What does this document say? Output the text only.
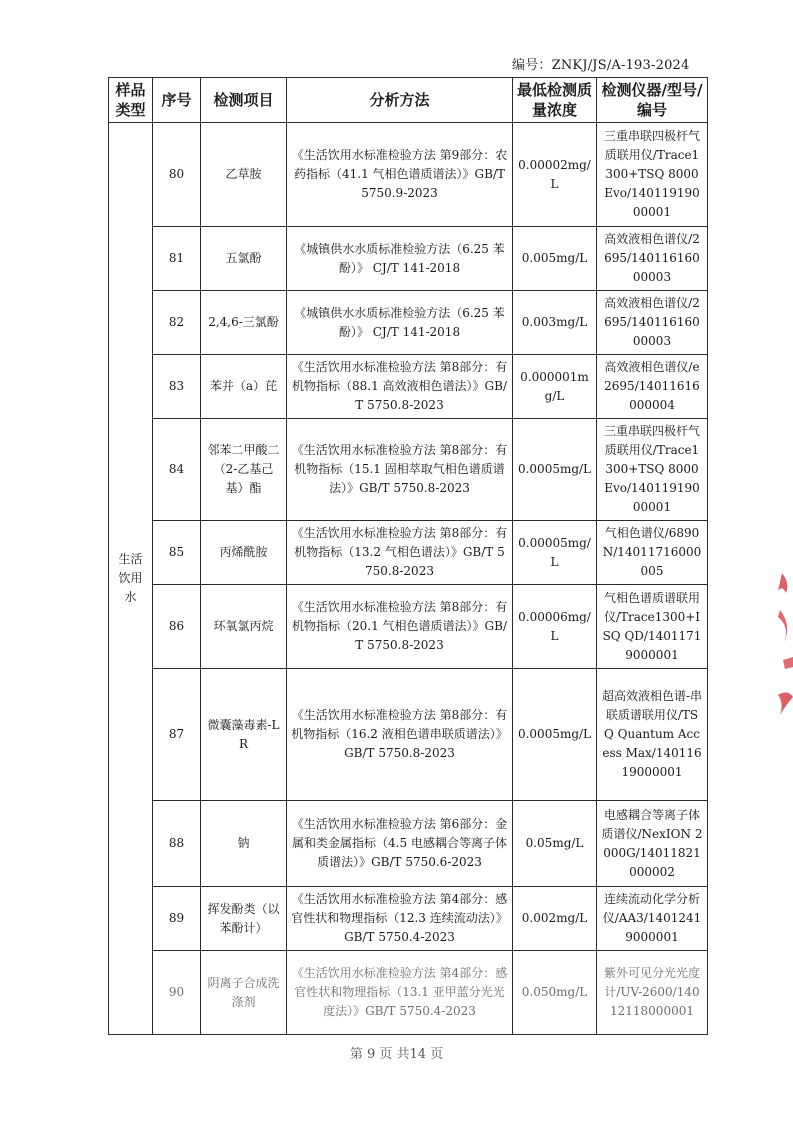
编号：ZNKJ/JS/A-193-2024
样品类型	序号	检测项目	分析方法	最低检测质量浓度	检测仪器/型号/编号
生活饮用水	80	乙草胺	《生活饮用水标准检验方法 第9部分：农药指标（41.1 气相色谱质谱法）》GB/T 5750.9-2023	0.00002mg/L	三重串联四极杆气质联用仪/Trace1300+TSQ 8000Evo/14011919000001
	81	五氯酚	《城镇供水水质标准检验方法（6.25 苯酚）》 CJ/T 141-2018	0.005mg/L	高效液相色谱仪/2695/14011616000003
	82	2,4,6-三氯酚	《城镇供水水质标准检验方法（6.25 苯酚）》 CJ/T 141-2018	0.003mg/L	高效液相色谱仪/2695/14011616000003
	83	苯并（a）芘	《生活饮用水标准检验方法 第8部分：有机物指标（88.1 高效液相色谱法）》GB/T 5750.8-2023	0.000001mg/L	高效液相色谱仪/e2695/14011616000004
	84	邻苯二甲酸二（2-乙基己基）酯	《生活饮用水标准检验方法 第8部分：有机物指标（15.1 固相萃取气相色谱质谱法）》GB/T 5750.8-2023	0.0005mg/L	三重串联四极杆气质联用仪/Trace1300+TSQ 8000Evo/14011919000001
	85	丙烯酰胺	《生活饮用水标准检验方法 第8部分：有机物指标（13.2 气相色谱法）》GB/T 5750.8-2023	0.00005mg/L	气相色谱仪/6890N/14011716000005
	86	环氧氯丙烷	《生活饮用水标准检验方法 第8部分：有机物指标（20.1 气相色谱质谱法）》GB/T 5750.8-2023	0.00006mg/L	气相色谱质谱联用仪/Trace1300+ISQ QD/14011719000001
	87	微囊藻毒素-LR	《生活饮用水标准检验方法 第8部分：有机物指标（16.2 液相色谱串联质谱法）》GB/T 5750.8-2023	0.0005mg/L	超高效液相色谱-串联质谱联用仪/TSQ Quantum Access Max/14011619000001
	88	钠	《生活饮用水标准检验方法 第6部分：金属和类金属指标（4.5 电感耦合等离子体质谱法）》GB/T 5750.6-2023	0.05mg/L	电感耦合等离子体质谱仪/NexION 2000G/14011821000002
	89	挥发酚类（以苯酚计）	《生活饮用水标准检验方法 第4部分：感官性状和物理指标（12.3 连续流动法）》GB/T 5750.4-2023	0.002mg/L	连续流动化学分析仪/AA3/14012419000001
	90	阴离子合成洗涤剂	《生活饮用水标准检验方法 第4部分：感官性状和物理指标（13.1 亚甲蓝分光光度法）》GB/T 5750.4-2023	0.050mg/L	紫外可见分光光度计/UV-2600/14012118000001
第 9 页 共14 页
